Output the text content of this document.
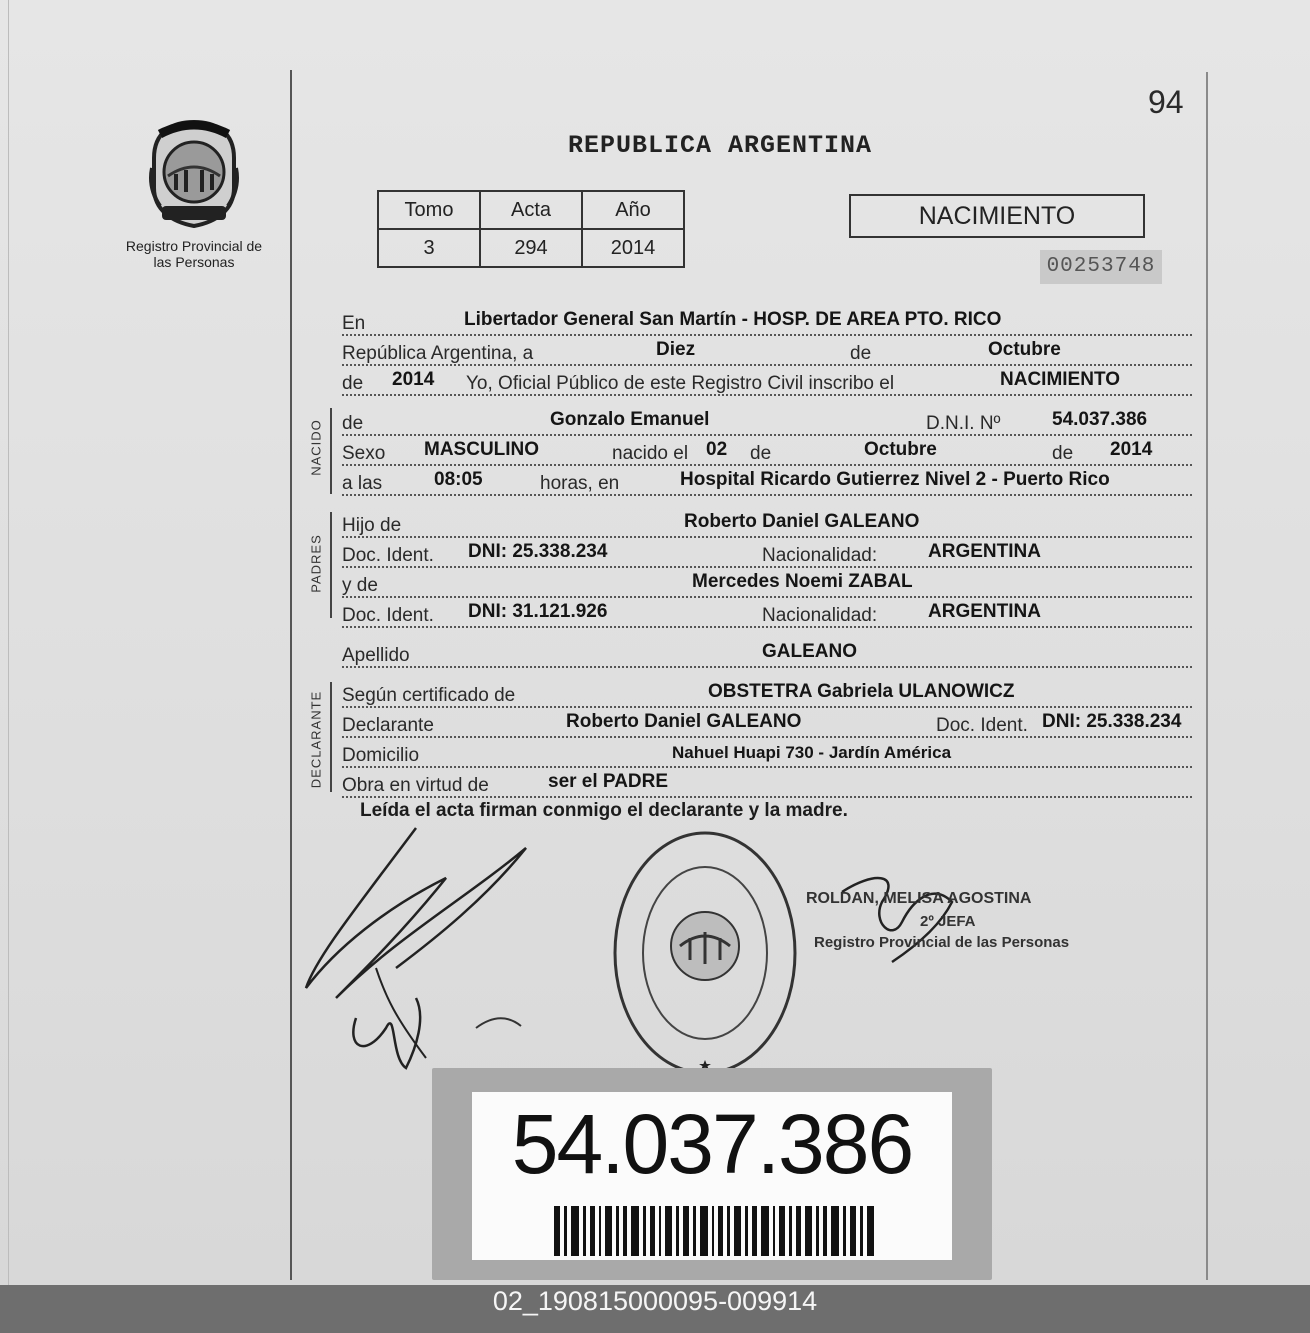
94
Registro Provincial de las Personas
REPUBLICA ARGENTINA
Tomo	Acta	Año
3	294	2014
NACIMIENTO
00253748
NACIDO
PADRES
DECLARANTE
En	Libertador General San Martín - HOSP. DE AREA PTO. RICO
República Argentina, a	Diez	de	Octubre
de 2014 Yo, Oficial Público de este Registro Civil inscribo el	NACIMIENTO
de	Gonzalo Emanuel	D.N.I. Nº	54.037.386
Sexo MASCULINO	nacido el 02 de	Octubre	de 2014
a las	08:05	horas, en	Hospital Ricardo Gutierrez Nivel 2 - Puerto Rico
Hijo de	Roberto Daniel GALEANO
Doc. Ident. DNI: 25.338.234	Nacionalidad:	ARGENTINA
y de	Mercedes Noemi ZABAL
Doc. Ident. DNI: 31.121.926	Nacionalidad:	ARGENTINA
Apellido	GALEANO
Según certificado de	OBSTETRA Gabriela ULANOWICZ
Declarante	Roberto Daniel GALEANO	Doc. Ident. DNI: 25.338.234
Domicilio	Nahuel Huapi 730 - Jardín América
Obra en virtud de	ser el PADRE
Leída el acta firman conmigo el declarante y la madre.
ROLDAN, MELISA AGOSTINA
2º JEFA
Registro Provincial de las Personas
54.037.386
02_190815000095-009914
